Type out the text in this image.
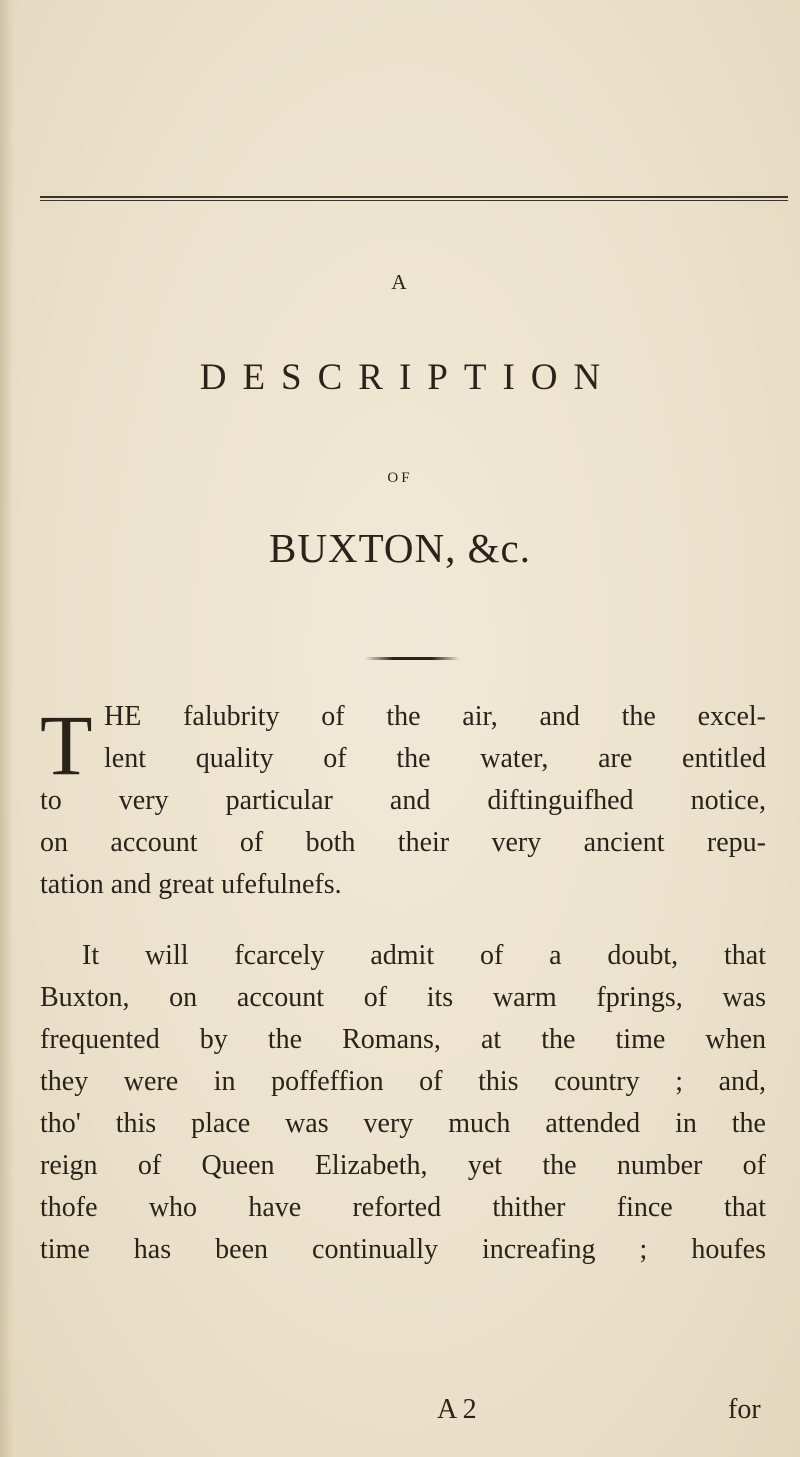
A
DESCRIPTION
OF
BUXTON, &c.
T HE falubrity of the air, and the excel-
lent quality of the water, are entitled
to very particular and diftinguifhed notice,
on account of both their very ancient repu-
tation and great ufefulnefs.
It will fcarcely admit of a doubt, that
Buxton, on account of its warm fprings, was
frequented by the Romans, at the time when
they were in poffeffion of this country ; and,
tho' this place was very much attended in the
reign of Queen Elizabeth, yet the number of
thofe who have reforted thither fince that
time has been continually increafing ; houfes
A 2	for
